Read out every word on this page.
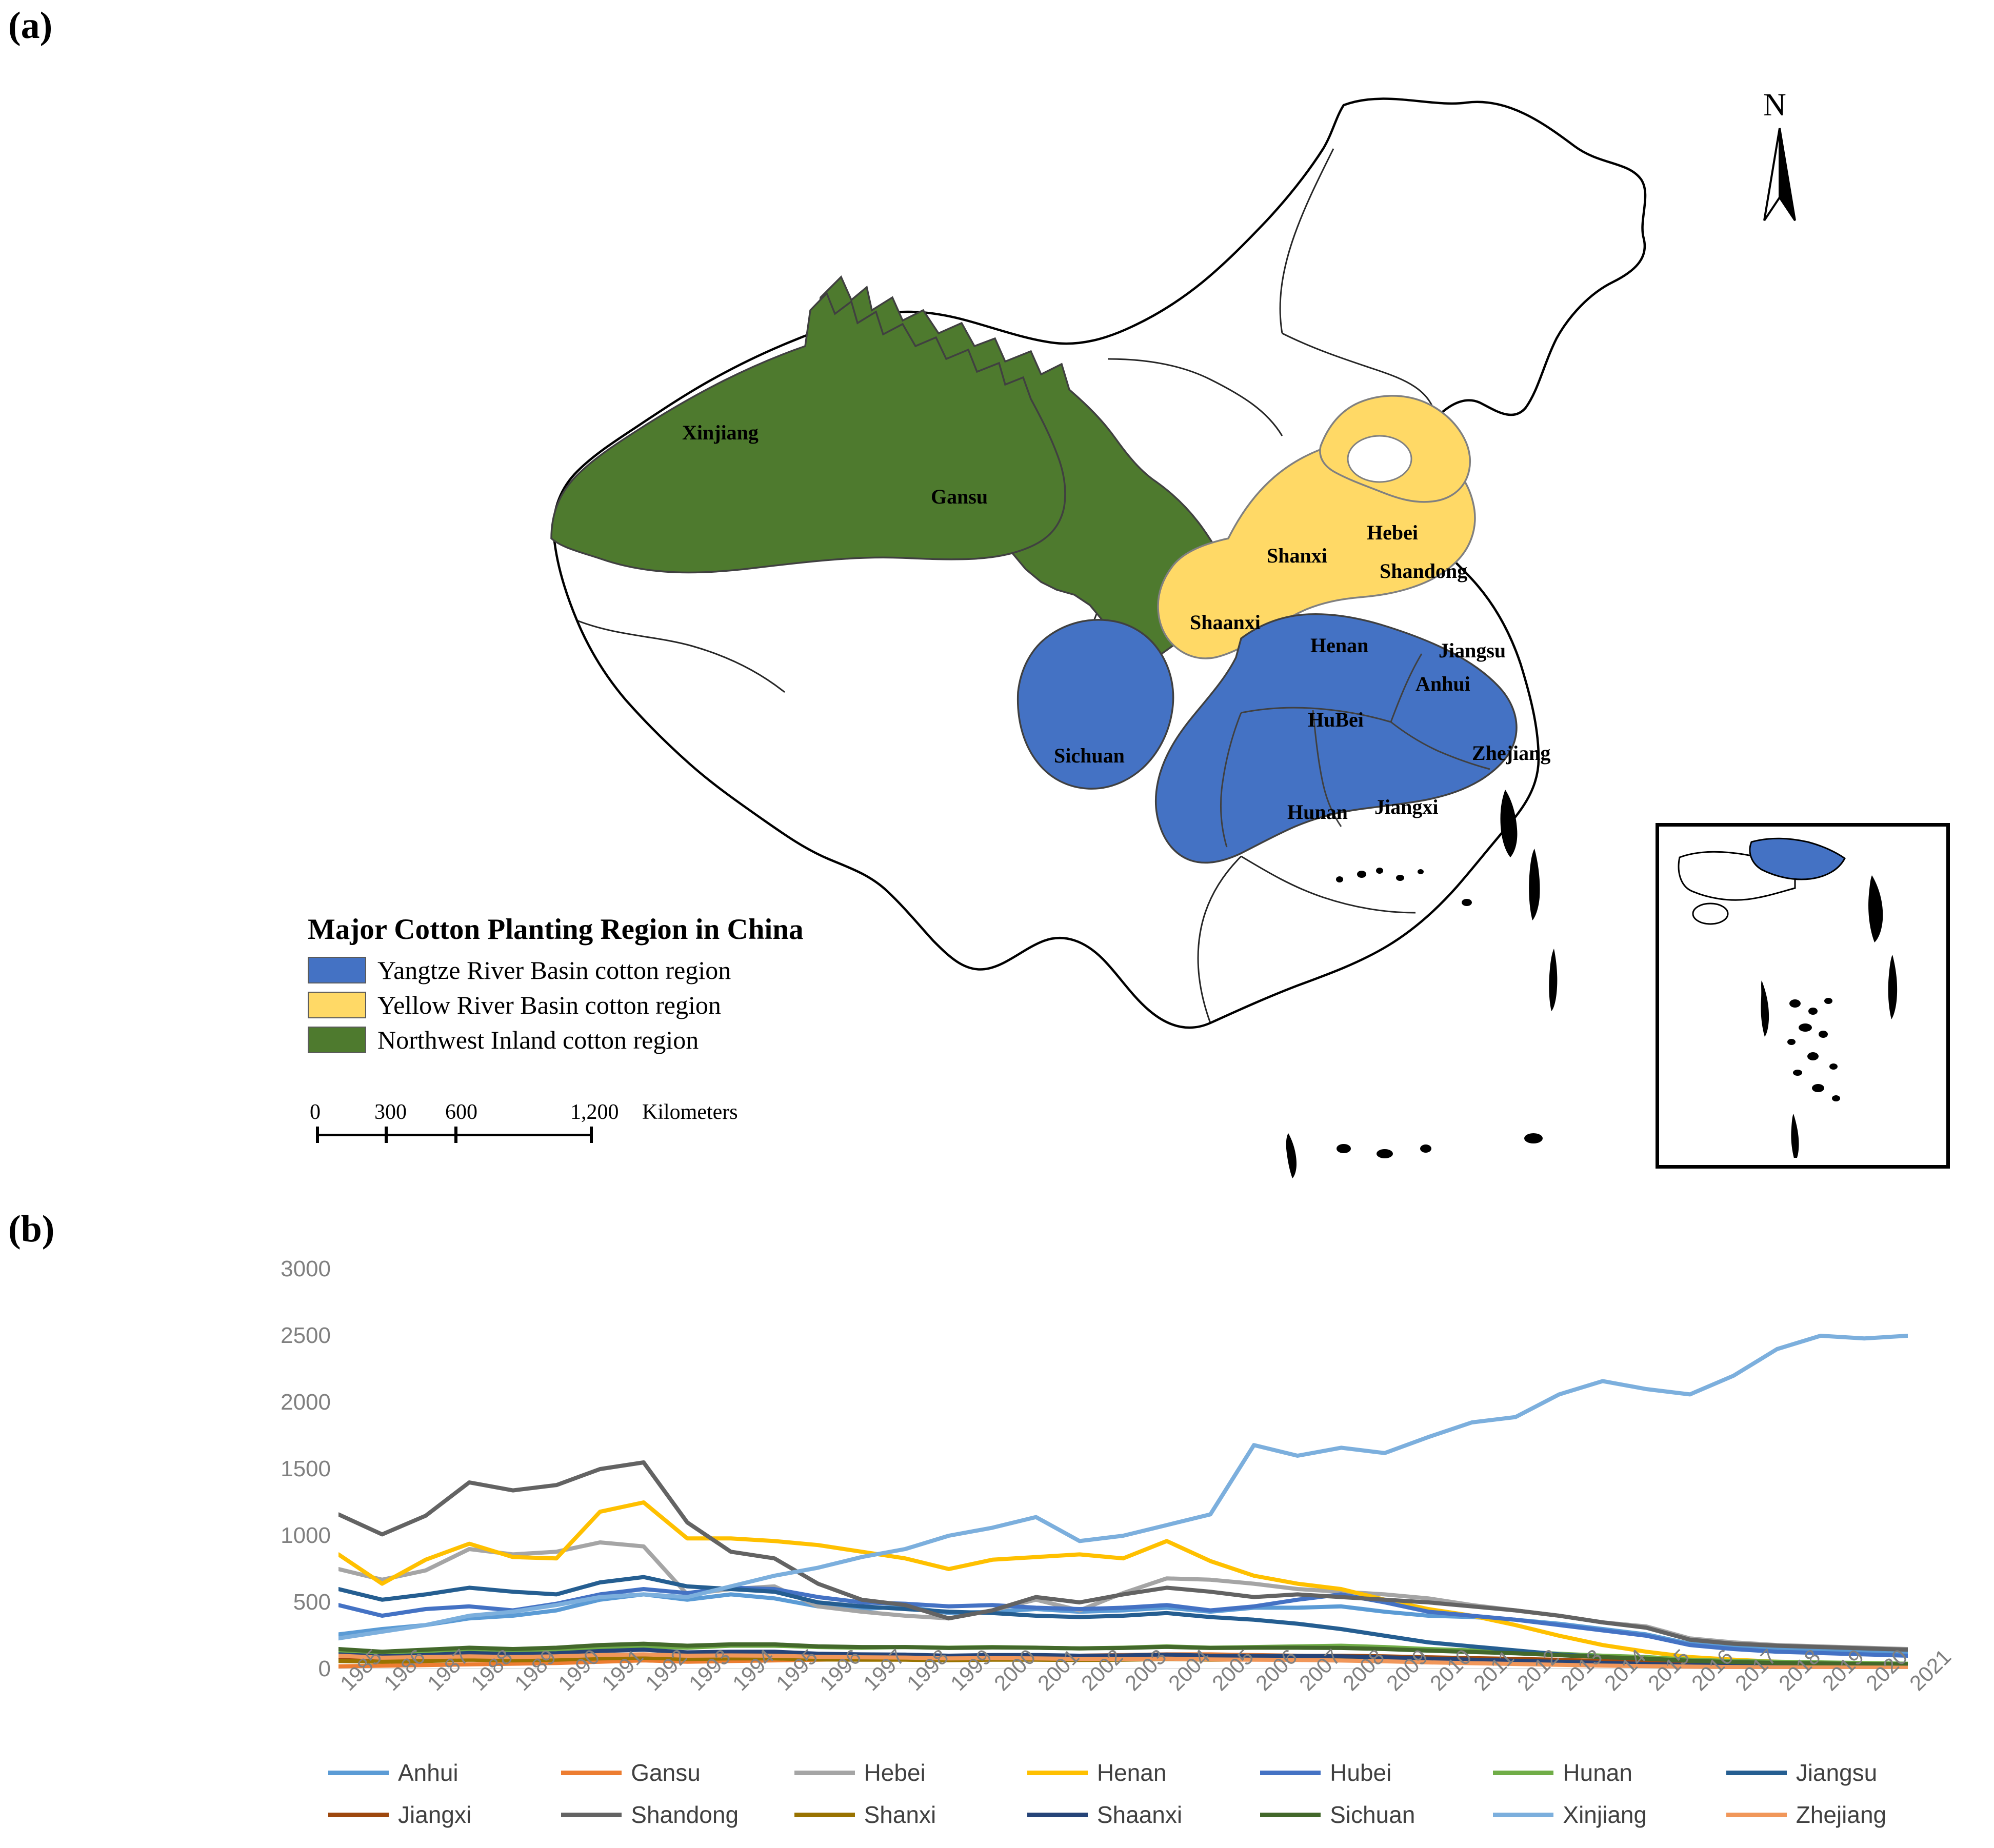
(a)
N
Xinjiang
Gansu
Shaanxi
Shanxi
Hebei
Shandong
Henan	Jiangsu
Anhui
HuBei
Zhejiang
Sichuan
Hunan Jiangxi
Major Cotton Planting Region in China
Yangtze River Basin cotton region
Yellow River Basin cotton region
Northwest Inland cotton region
0	300 600	1,200 Kilometers
(b)
0
500
1000
1500
2000
2500
3000
1985
1986
1987
1988
1989
1990
1991
1992
1993
1994
1995
1996
1997
1998
1999
2000
2001
2002
2003
2004
2005
2006
2007
2008
2009
2010
2011
2012
2013
2014
2015
2016
2017
2018
2019
2020
2021
Anhui	Gansu	Hebei	Henan	Hubei	Hunan	Jiangsu
Jiangxi	Shandong	Shanxi	Shaanxi	Sichuan	Xinjiang	Zhejiang
